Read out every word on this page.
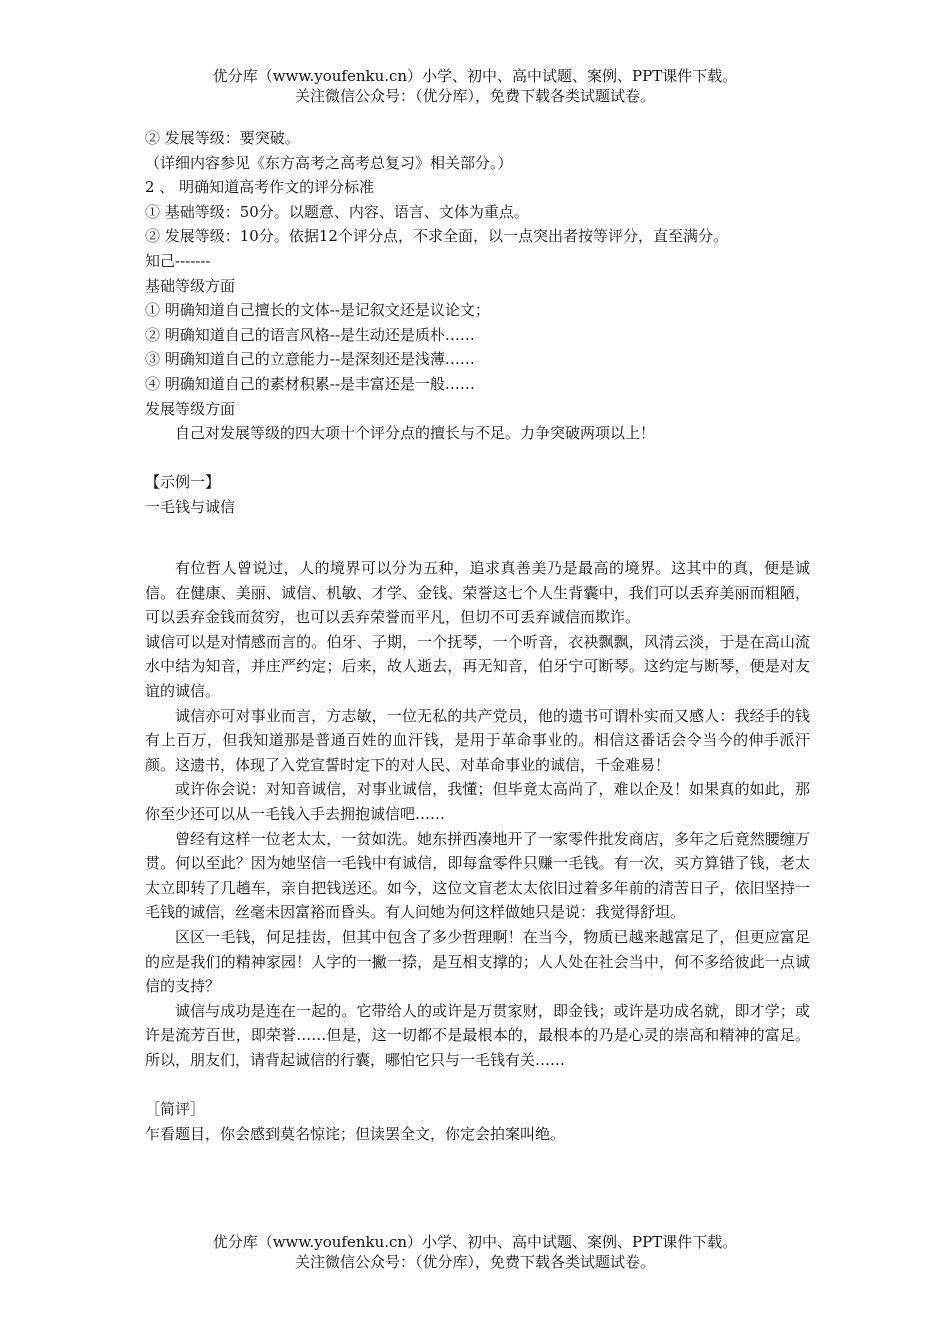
优分库（www.youfenku.cn）小学、初中、高中试题、案例、PPT课件下载。
关注微信公众号：（优分库），免费下载各类试题试卷。
② 发展等级：要突破。
（详细内容参见《东方高考之高考总复习》相关部分。）
2 、 明确知道高考作文的评分标准
① 基础等级：50分。以题意、内容、语言、文体为重点。
② 发展等级：10分。依据12个评分点，不求全面，以一点突出者按等评分，直至满分。
知己-------
基础等级方面
① 明确知道自己擅长的文体--是记叙文还是议论文；
② 明确知道自己的语言风格--是生动还是质朴……
③ 明确知道自己的立意能力--是深刻还是浅薄……
④ 明确知道自己的素材积累--是丰富还是一般……
发展等级方面
自己对发展等级的四大项十个评分点的擅长与不足。力争突破两项以上！
【示例一】
一毛钱与诚信

有位哲人曾说过，人的境界可以分为五种，追求真善美乃是最高的境界。这其中的真，便是诚信。在健康、美丽、诚信、机敏、才学、金钱、荣誉这七个人生背囊中，我们可以丢弃美丽而粗陋，可以丢弃金钱而贫穷，也可以丢弃荣誉而平凡，但切不可丢弃诚信而欺诈。

诚信可以是对情感而言的。伯牙、子期，一个抚琴，一个听音，衣袂飘飘，风清云淡，于是在高山流水中结为知音，并庄严约定；后来，故人逝去，再无知音，伯牙宁可断琴。这约定与断琴，便是对友谊的诚信。

诚信亦可对事业而言，方志敏，一位无私的共产党员，他的遗书可谓朴实而又感人：我经手的钱有上百万，但我知道那是普通百姓的血汗钱，是用于革命事业的。相信这番话会令当今的伸手派汗颜。这遗书，体现了入党宣誓时定下的对人民、对革命事业的诚信，千金难易！

或许你会说：对知音诚信，对事业诚信，我懂；但毕竟太高尚了，难以企及！如果真的如此，那你至少还可以从一毛钱入手去拥抱诚信吧……

曾经有这样一位老太太，一贫如洗。她东拼西凑地开了一家零件批发商店，多年之后竟然腰缠万贯。何以至此？因为她坚信一毛钱中有诚信，即每盒零件只赚一毛钱。有一次，买方算错了钱，老太太立即转了几趟车，亲自把钱送还。如今，这位文盲老太太依旧过着多年前的清苦日子，依旧坚持一毛钱的诚信，丝毫未因富裕而昏头。有人问她为何这样做她只是说：我觉得舒坦。

区区一毛钱，何足挂齿，但其中包含了多少哲理啊！在当今，物质已越来越富足了，但更应富足的应是我们的精神家园！人字的一撇一捺，是互相支撑的；人人处在社会当中，何不多给彼此一点诚信的支持？

诚信与成功是连在一起的。它带给人的或许是万贯家财，即金钱；或许是功成名就，即才学；或许是流芳百世，即荣誉……但是，这一切都不是最根本的，最根本的乃是心灵的崇高和精神的富足。所以，朋友们，请背起诚信的行囊，哪怕它只与一毛钱有关……

［简评］
乍看题目，你会感到莫名惊诧；但读罢全文，你定会拍案叫绝。
优分库（www.youfenku.cn）小学、初中、高中试题、案例、PPT课件下载。
关注微信公众号：（优分库），免费下载各类试题试卷。
